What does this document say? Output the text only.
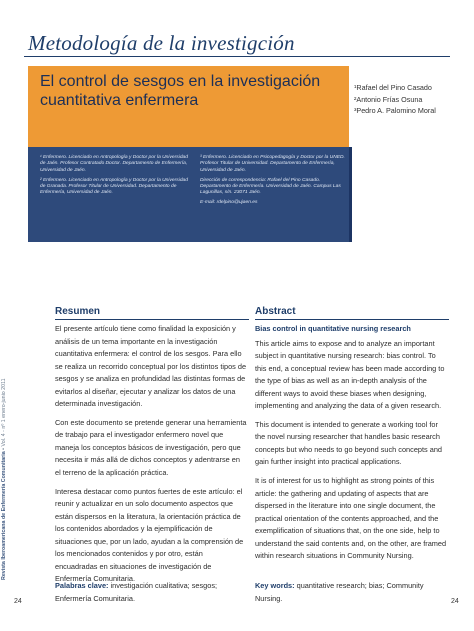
Metodología de la investigción
El control de sesgos en la investigación cuantitativa enfermera
¹Rafael del Pino Casado
²Antonio Frías Osuna
³Pedro A. Palomino Moral

¹ Enfermero. Licenciado en Antropología y Doctor por la Universidad de Jaén. Profesor Contratado Doctor. Departamento de Enfermería, Universidad de Jaén.

² Enfermero. Licenciado en Antropología y Doctor por la Universidad de Granada. Profesor Titular de Universidad. Departamento de Enfermería, Universidad de Jaén.

³ Enfermero. Licenciado en Psicopedagogía y Doctor por la UNED. Profesor Titular de Universidad. Departamento de Enfermería, Universidad de Jaén.

Dirección de correspondencia: Rafael del Pino Casado. Departamento de Enfermería. Universidad de Jaén. Campus Las Lagunillas, s/n. 23071 Jaén.

E-mail: rdelpino@ujaen.es

Revista Iberoamericana de Enfermería Comunitaria • Vol. 4 - nº 1 enero-junio 2011
Resumen	Abstract

El presente artículo tiene como finalidad la exposición y análisis de un tema importante en la investigación cuantitativa enfermera: el control de los sesgos. Para ello se realiza un recorrido conceptual por los distintos tipos de sesgos y se analiza en profundidad las distintas formas de evitarlos al diseñar, ejecutar y analizar los datos de una determinada investigación.

Con este documento se pretende generar una herramienta de trabajo para el investigador enfermero novel que maneja los conceptos básicos de investigación, pero que necesita ir más allá de dichos conceptos y adentrarse en el terreno de la aplicación práctica.

Interesa destacar como puntos fuertes de este artículo: el reunir y actualizar en un solo documento aspectos que están dispersos en la literatura, la orientación práctica de los contenidos abordados y la ejemplificación de situaciones que, por un lado, ayudan a la comprensión de los mencionados contenidos y por otro, están encuadradas en situaciones de investigación de Enfermería Comunitaria.

Bias control in quantitative nursing research

This article aims to expose and to analyze an important subject in quantitative nursing research: bias control. To this end, a conceptual review has been made according to the type of bias as well as an in-depth analysis of the different ways to avoid these biases when designing, implementing and analyzing the data of a given research.

This document is intended to generate a working tool for the novel nursing researcher that handles basic research concepts but who needs to go beyond such concepts and gain further insight into practical applications.

It is of interest for us to highlight as strong points of this article: the gathering and updating of aspects that are dispersed in the literature into one single document, the practical orientation of the contents approached, and the exemplification of situations that, on the one side, help to understand the said contents and, on the other, are framed within research situations in Community Nursing.

Palabras clave: investigación cualitativa; sesgos; Enfermería Comunitaria.
Key words: quantitative research; bias; Community Nursing.
24	24
